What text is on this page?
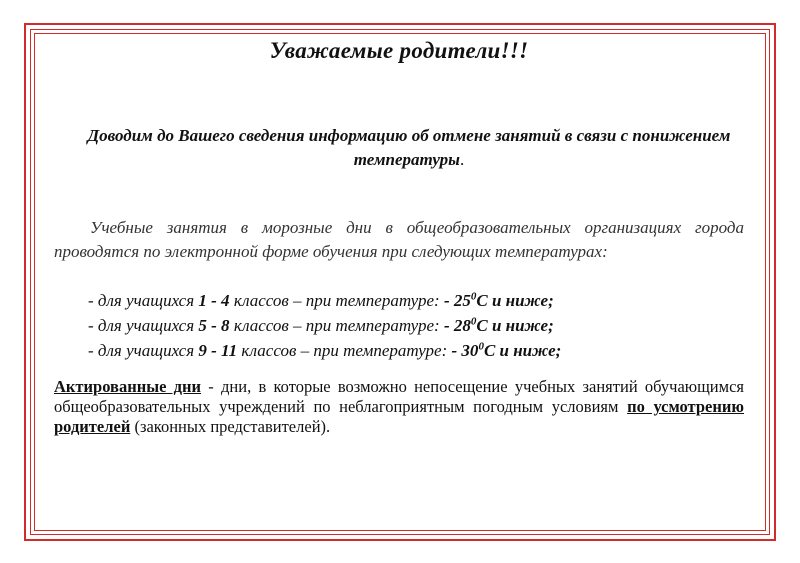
Уважаемые родители!!!

Доводим до Вашего сведения информацию об отмене занятий в связи с понижением температуры.

Учебные занятия в морозные дни в общеобразовательных организациях города проводятся по электронной форме обучения при следующих температурах:

- для учащихся 1 - 4 классов – при температуре: - $25^0С$ и ниже;
- для учащихся 5 - 8 классов – при температуре: - $28^0С$ и ниже;
- для учащихся 9 - 11 классов – при температуре: - $30^0С$ и ниже;

Актированные дни - дни, в которые возможно непосещение учебных занятий обучающимся общеобразовательных учреждений по неблагоприятным погодным условиям по усмотрению родителей (законных представителей).
